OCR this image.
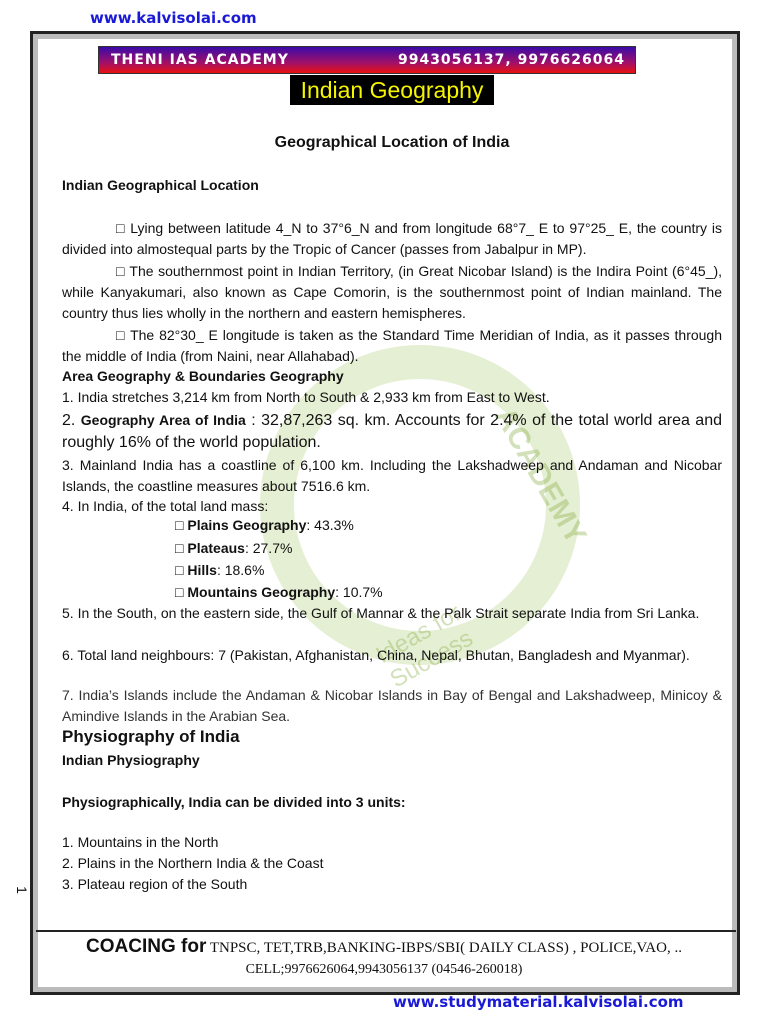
www.kalvisolai.com
ACADEMY
Ideas for Success
THENI IAS ACADEMY	9943056137, 9976626064
Indian Geography
Geographical Location of India
Indian Geographical Location
□ Lying between latitude 4_N to 37°6_N and from longitude 68°7_ E to 97°25_ E, the country is divided into almostequal parts by the Tropic of Cancer (passes from Jabalpur in MP).
□ The southernmost point in Indian Territory, (in Great Nicobar Island) is the Indira Point (6°45_), while Kanyakumari, also known as Cape Comorin, is the southernmost point of Indian mainland. The country thus lies wholly in the northern and eastern hemispheres.
□ The 82°30_ E longitude is taken as the Standard Time Meridian of India, as it passes through the middle of India (from Naini, near Allahabad).
Area Geography & Boundaries Geography
1. India stretches 3,214 km from North to South & 2,933 km from East to West.
2. Geography Area of India : 32,87,263 sq. km. Accounts for 2.4% of the total world area and roughly 16% of the world population.
3. Mainland India has a coastline of 6,100 km. Including the Lakshadweep and Andaman and Nicobar Islands, the coastline measures about 7516.6 km.
4. In India, of the total land mass:
□ Plains Geography: 43.3%
□ Plateaus: 27.7%
□ Hills: 18.6%
□ Mountains Geography: 10.7%
5. In the South, on the eastern side, the Gulf of Mannar & the Palk Strait separate India from Sri Lanka.
6. Total land neighbours: 7 (Pakistan, Afghanistan, China, Nepal, Bhutan, Bangladesh and Myanmar).
7. India’s Islands include the Andaman & Nicobar Islands in Bay of Bengal and Lakshadweep, Minicoy & Amindive Islands in the Arabian Sea.
Physiography of India
Indian Physiography
Physiographically, India can be divided into 3 units:
1. Mountains in the North
2. Plains in the Northern India & the Coast
3. Plateau region of the South
1
COACING for TNPSC, TET,TRB,BANKING-IBPS/SBI( DAILY CLASS) , POLICE,VAO, ..
CELL;9976626064,9943056137 (04546-260018)
www.studymaterial.kalvisolai.com
